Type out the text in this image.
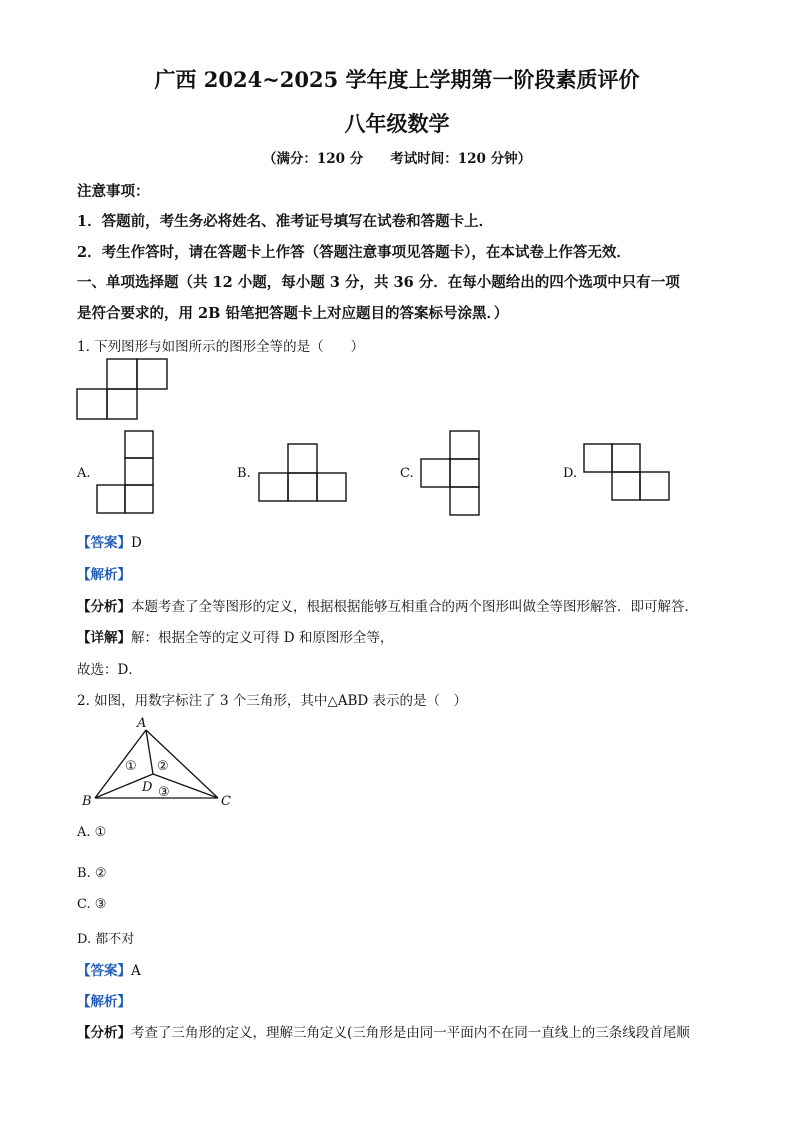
广西 2024~2025 学年度上学期第一阶段素质评价
八年级数学
（满分：120 分　　考试时间：120 分钟）
注意事项：
1．答题前，考生务必将姓名、准考证号填写在试卷和答题卡上．
2．考生作答时，请在答题卡上作答（答题注意事项见答题卡），在本试卷上作答无效．
一、单项选择题（共 12 小题，每小题 3 分，共 36 分．在每小题给出的四个选项中只有一项
是符合要求的，用 2B 铅笔把答题卡上对应题目的答案标号涂黑．）
1. 下列图形与如图所示的图形全等的是（　　）
A.	B.	C.	D.
【答案】D
【解析】
【分析】本题考查了全等图形的定义，根据根据能够互相重合的两个图形叫做全等图形解答．即可解答．
【详解】解：根据全等的定义可得 D 和原图形全等，
故选：D．
2. 如图，用数字标注了 3 个三角形，其中△ABD 表示的是（　）
A
B	C
D
① ②
③
A. ①
B. ②
C. ③
D. 都不对
【答案】A
【解析】
【分析】考查了三角形的定义，理解三角定义(三角形是由同一平面内不在同一直线上的三条线段首尾顺
